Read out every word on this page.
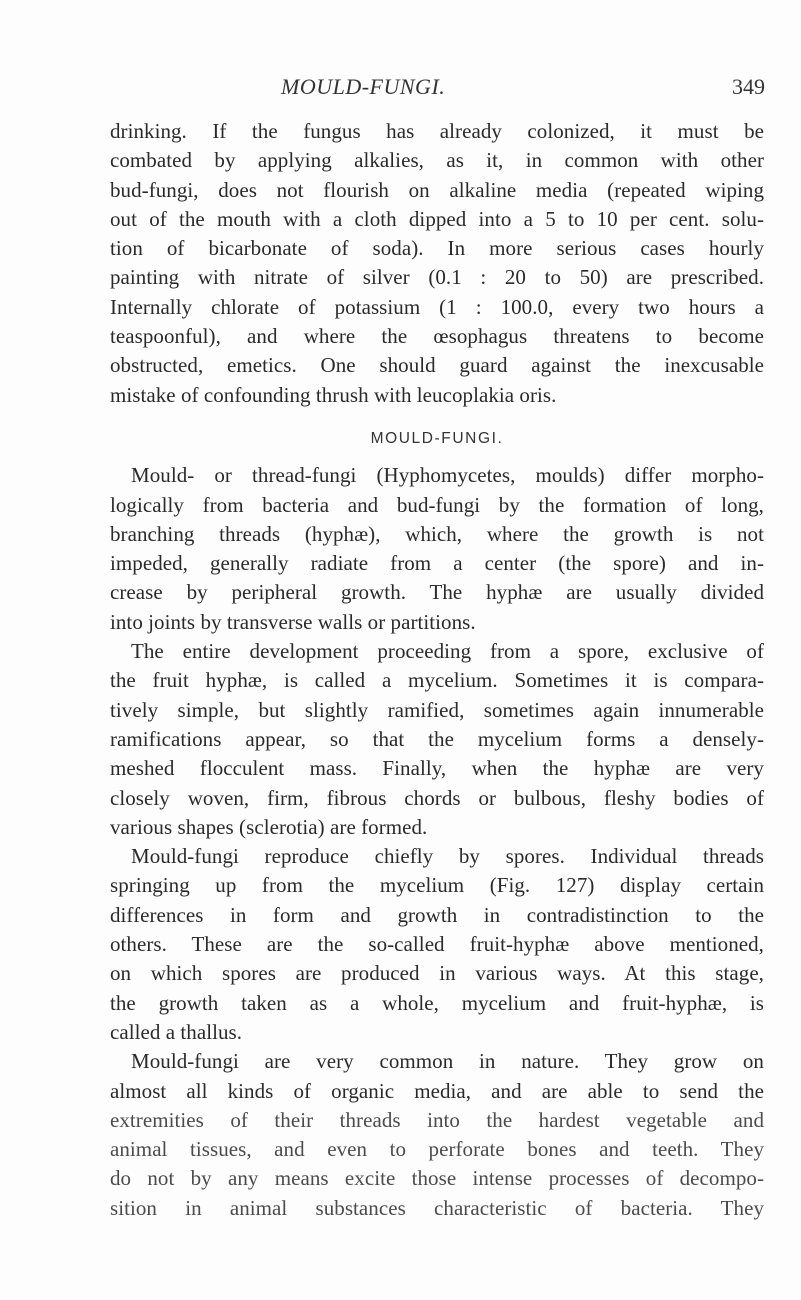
MOULD-FUNGI.	349
drinking. If the fungus has already colonized, it must be
combated by applying alkalies, as it, in common with other
bud-fungi, does not flourish on alkaline media (repeated wiping
out of the mouth with a cloth dipped into a 5 to 10 per cent. solu-
tion of bicarbonate of soda). In more serious cases hourly
painting with nitrate of silver (0.1 : 20 to 50) are prescribed.
Internally chlorate of potassium (1 : 100.0, every two hours a
teaspoonful), and where the œsophagus threatens to become
obstructed, emetics. One should guard against the inexcusable
mistake of confounding thrush with leucoplakia oris.
MOULD-FUNGI.
Mould- or thread-fungi (Hyphomycetes, moulds) differ morpho-
logically from bacteria and bud-fungi by the formation of long,
branching threads (hyphæ), which, where the growth is not
impeded, generally radiate from a center (the spore) and in-
crease by peripheral growth. The hyphæ are usually divided
into joints by transverse walls or partitions.
The entire development proceeding from a spore, exclusive of
the fruit hyphæ, is called a mycelium. Sometimes it is compara-
tively simple, but slightly ramified, sometimes again innumerable
ramifications appear, so that the mycelium forms a densely-
meshed flocculent mass. Finally, when the hyphæ are very
closely woven, firm, fibrous chords or bulbous, fleshy bodies of
various shapes (sclerotia) are formed.
Mould-fungi reproduce chiefly by spores. Individual threads
springing up from the mycelium (Fig. 127) display certain
differences in form and growth in contradistinction to the
others. These are the so-called fruit-hyphæ above mentioned,
on which spores are produced in various ways. At this stage,
the growth taken as a whole, mycelium and fruit-hyphæ, is
called a thallus.
Mould-fungi are very common in nature. They grow on
almost all kinds of organic media, and are able to send the
extremities of their threads into the hardest vegetable and
animal tissues, and even to perforate bones and teeth. They
do not by any means excite those intense processes of decompo-
sition in animal substances characteristic of bacteria. They
